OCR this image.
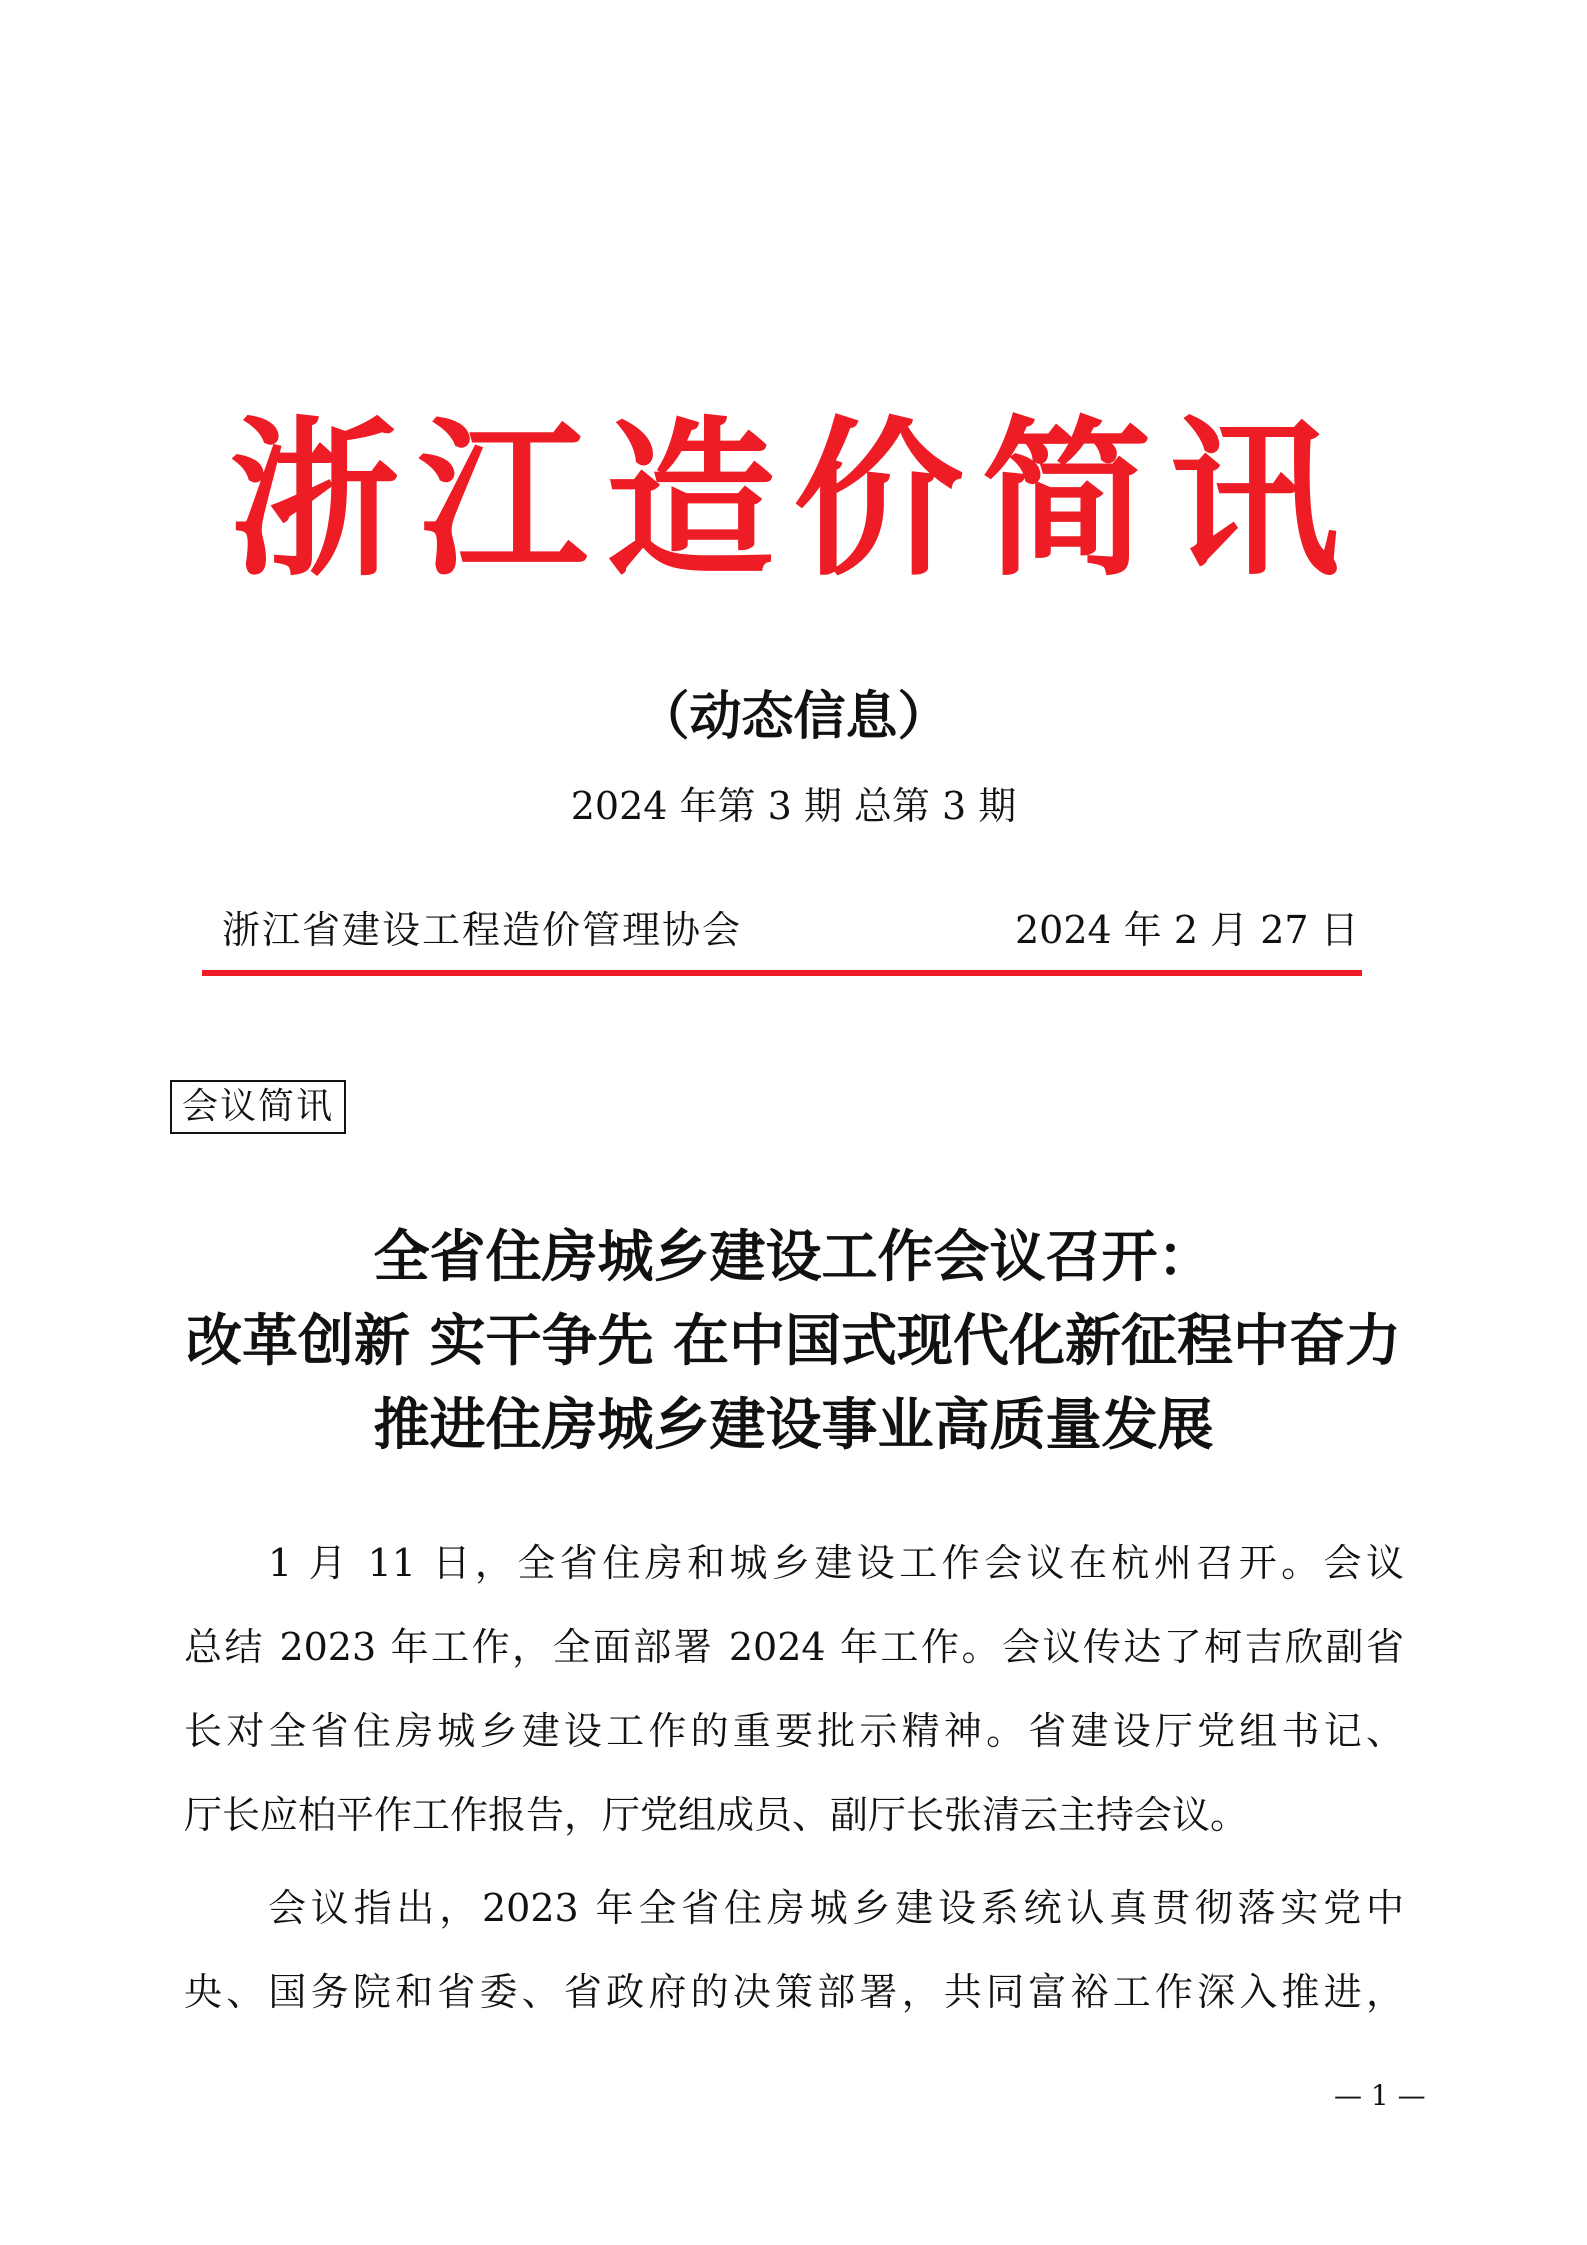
浙江造价简讯
（动态信息）
2024 年第 3 期 总第 3 期
浙江省建设工程造价管理协会	2024 年 2 月 27 日
会议简讯
全省住房城乡建设工作会议召开：
改革创新 实干争先 在中国式现代化新征程中奋力
推进住房城乡建设事业高质量发展
1 月 11 日，全省住房和城乡建设工作会议在杭州召开。会议
总结 2023 年工作，全面部署 2024 年工作。会议传达了柯吉欣副省
长对全省住房城乡建设工作的重要批示精神。省建设厅党组书记、
厅长应柏平作工作报告，厅党组成员、副厅长张清云主持会议。
会议指出，2023 年全省住房城乡建设系统认真贯彻落实党中
央、国务院和省委、省政府的决策部署，共同富裕工作深入推进，
— 1 —
